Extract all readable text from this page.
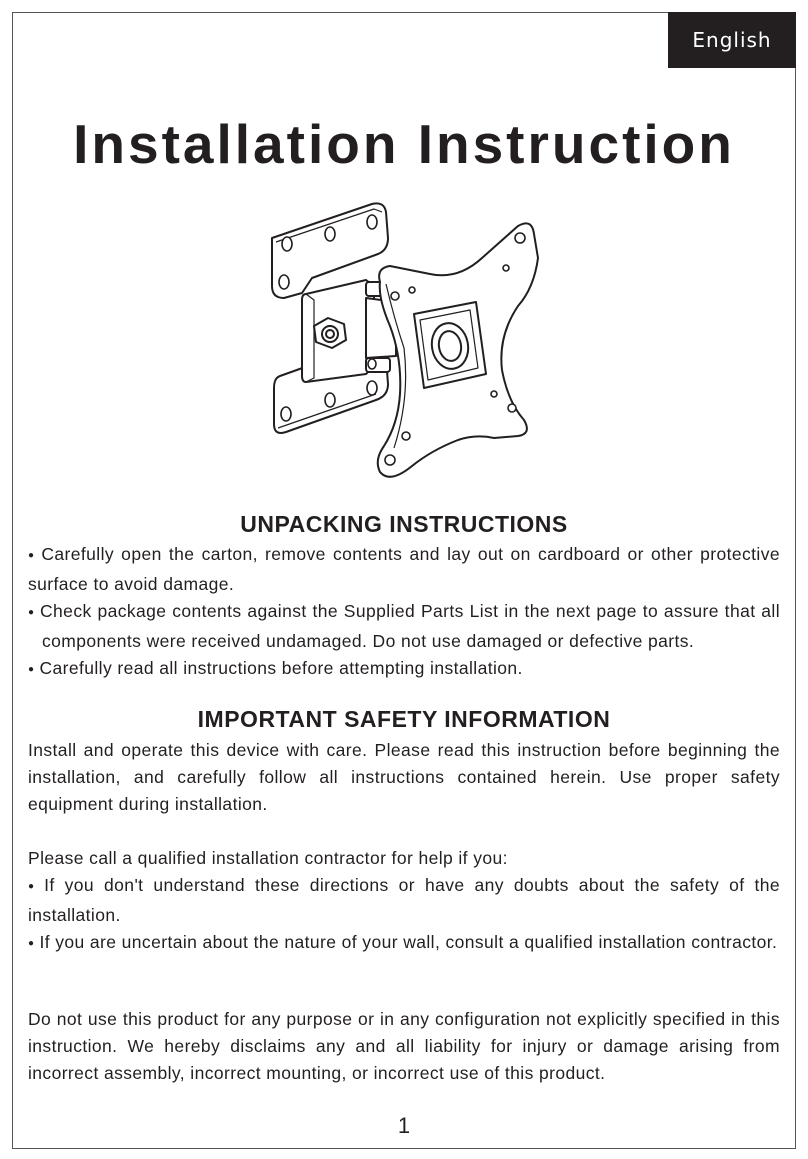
English
Installation Instruction
UNPACKING INSTRUCTIONS

● Carefully open the carton, remove contents and lay out on cardboard or other protective surface to avoid damage.

● Check package contents against the Supplied Parts List in the next page to assure that all components were received undamaged. Do not use damaged or defective parts.

● Carefully read all instructions before attempting installation.

IMPORTANT SAFETY INFORMATION

Install and operate this device with care. Please read this instruction before beginning the installation, and carefully follow all instructions contained herein. Use proper safety equipment during installation.

Please call a qualified installation contractor for help if you:

● If you don't understand these directions or have any doubts about the safety of the installation.

● If you are uncertain about the nature of your wall, consult a qualified installation contractor.

Do not use this product for any purpose or in any configuration not explicitly specified in this instruction. We hereby disclaims any and all liability for injury or damage arising from incorrect assembly, incorrect mounting, or incorrect use of this product.

1
